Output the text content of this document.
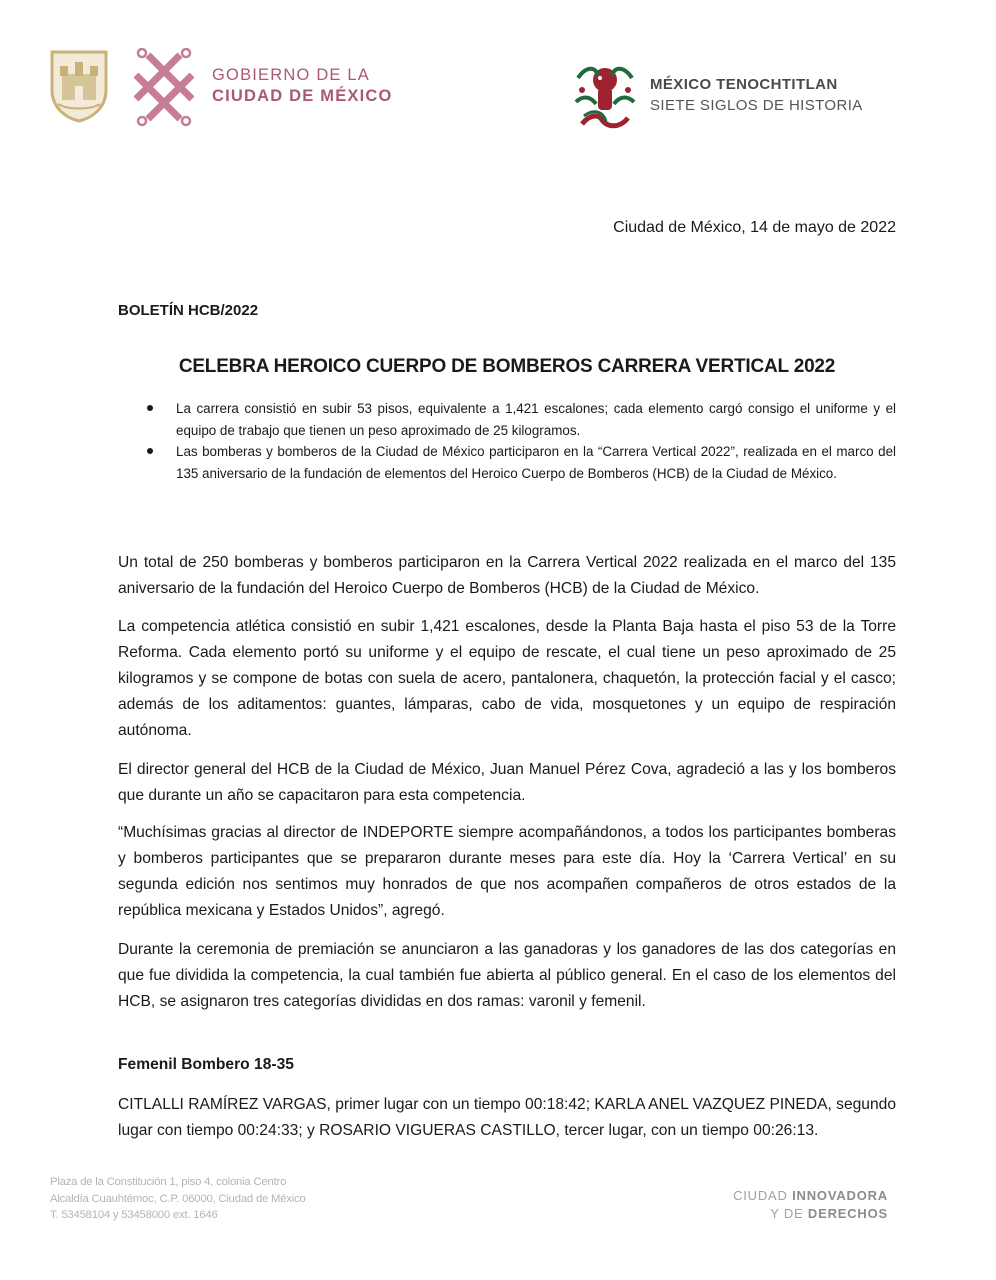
GOBIERNO DE LA
CIUDAD DE MÉXICO
MÉXICO TENOCHTITLAN
SIETE SIGLOS DE HISTORIA
Ciudad de México, 14 de mayo de 2022
BOLETÍN HCB/2022
CELEBRA HEROICO CUERPO DE BOMBEROS CARRERA VERTICAL 2022
La carrera consistió en subir 53 pisos, equivalente a 1,421 escalones; cada elemento cargó consigo el uniforme y el equipo de trabajo que tienen un peso aproximado de 25 kilogramos.
Las bomberas y bomberos de la Ciudad de México participaron en la “Carrera Vertical 2022”, realizada en el marco del 135 aniversario de la fundación de elementos del Heroico Cuerpo de Bomberos (HCB) de la Ciudad de México.

Un total de 250 bomberas y bomberos participaron en la Carrera Vertical 2022 realizada en el marco del 135 aniversario de la fundación del Heroico Cuerpo de Bomberos (HCB) de la Ciudad de México.

La competencia atlética consistió en subir 1,421 escalones, desde la Planta Baja hasta el piso 53 de la Torre Reforma. Cada elemento portó su uniforme y el equipo de rescate, el cual tiene un peso aproximado de 25 kilogramos y se compone de botas con suela de acero, pantalonera, chaquetón, la protección facial y el casco; además de los aditamentos: guantes, lámparas, cabo de vida, mosquetones y un equipo de respiración autónoma.

El director general del HCB de la Ciudad de México, Juan Manuel Pérez Cova, agradeció a las y los bomberos que durante un año se capacitaron para esta competencia.

“Muchísimas gracias al director de INDEPORTE siempre acompañándonos, a todos los participantes bomberas y bomberos participantes que se prepararon durante meses para este día. Hoy la ‘Carrera Vertical’ en su segunda edición nos sentimos muy honrados de que nos acompañen compañeros de otros estados de la república mexicana y Estados Unidos”, agregó.

Durante la ceremonia de premiación se anunciaron a las ganadoras y los ganadores de las dos categorías en que fue dividida la competencia, la cual también fue abierta al público general. En el caso de los elementos del HCB, se asignaron tres categorías divididas en dos ramas: varonil y femenil.

Femenil Bombero 18-35

CITLALLI RAMÍREZ VARGAS, primer lugar con un tiempo 00:18:42; KARLA ANEL VAZQUEZ PINEDA, segundo lugar con tiempo 00:24:33; y ROSARIO VIGUERAS CASTILLO, tercer lugar, con un tiempo 00:26:13.

Plaza de la Constitución 1, piso 4, colonia Centro
Alcaldía Cuauhtémoc, C.P. 06000, Ciudad de México
T. 53458104 y 53458000 ext. 1646
CIUDAD INNOVADORA
Y DE DERECHOS
